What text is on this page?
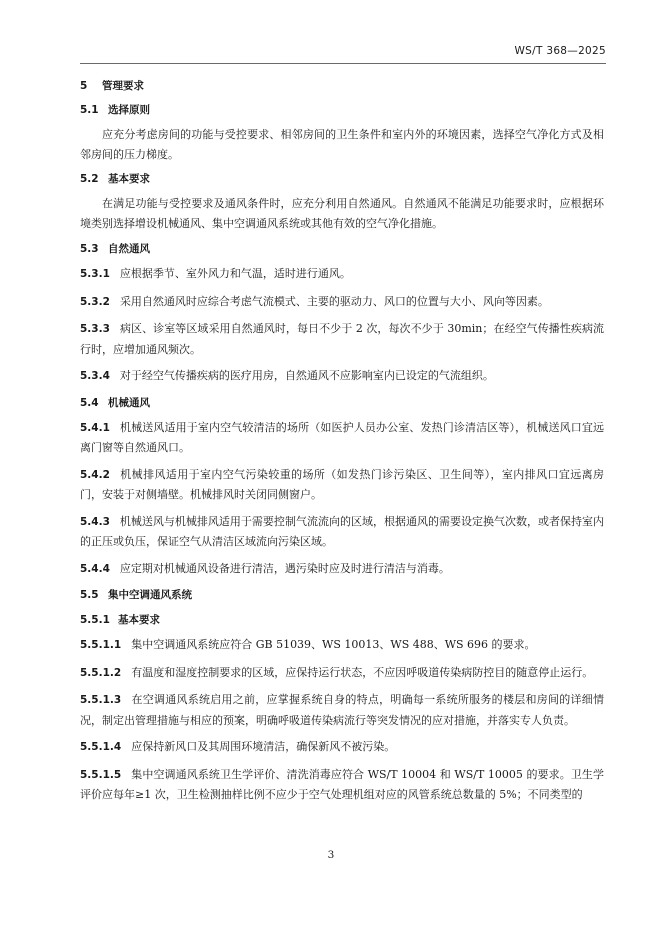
WS/T 368—2025
5 管理要求
5.1 选择原则
应充分考虑房间的功能与受控要求、相邻房间的卫生条件和室内外的环境因素，选择空气净化方式及相邻房间的压力梯度。
5.2 基本要求
在满足功能与受控要求及通风条件时，应充分利用自然通风。自然通风不能满足功能要求时，应根据环境类别选择增设机械通风、集中空调通风系统或其他有效的空气净化措施。
5.3 自然通风
5.3.1 应根据季节、室外风力和气温，适时进行通风。
5.3.2 采用自然通风时应综合考虑气流模式、主要的驱动力、风口的位置与大小、风向等因素。
5.3.3 病区、诊室等区域采用自然通风时，每日不少于 2 次，每次不少于 30min；在经空气传播性疾病流行时，应增加通风频次。
5.3.4 对于经空气传播疾病的医疗用房，自然通风不应影响室内已设定的气流组织。
5.4 机械通风
5.4.1 机械送风适用于室内空气较清洁的场所（如医护人员办公室、发热门诊清洁区等），机械送风口宜远离门窗等自然通风口。
5.4.2 机械排风适用于室内空气污染较重的场所（如发热门诊污染区、卫生间等），室内排风口宜远离房门，安装于对侧墙壁。机械排风时关闭同侧窗户。
5.4.3 机械送风与机械排风适用于需要控制气流流向的区域，根据通风的需要设定换气次数，或者保持室内的正压或负压，保证空气从清洁区域流向污染区域。
5.4.4 应定期对机械通风设备进行清洁，遇污染时应及时进行清洁与消毒。
5.5 集中空调通风系统
5.5.1 基本要求
5.5.1.1 集中空调通风系统应符合 GB 51039、WS 10013、WS 488、WS 696 的要求。
5.5.1.2 有温度和湿度控制要求的区域，应保持运行状态，不应因呼吸道传染病防控目的随意停止运行。
5.5.1.3 在空调通风系统启用之前，应掌握系统自身的特点，明确每一系统所服务的楼层和房间的详细情况，制定出管理措施与相应的预案，明确呼吸道传染病流行等突发情况的应对措施，并落实专人负责。
5.5.1.4 应保持新风口及其周围环境清洁，确保新风不被污染。
5.5.1.5 集中空调通风系统卫生学评价、清洗消毒应符合 WS/T 10004 和 WS/T 10005 的要求。卫生学评价应每年≥1 次，卫生检测抽样比例不应少于空气处理机组对应的风管系统总数量的 5%；不同类型的
3
